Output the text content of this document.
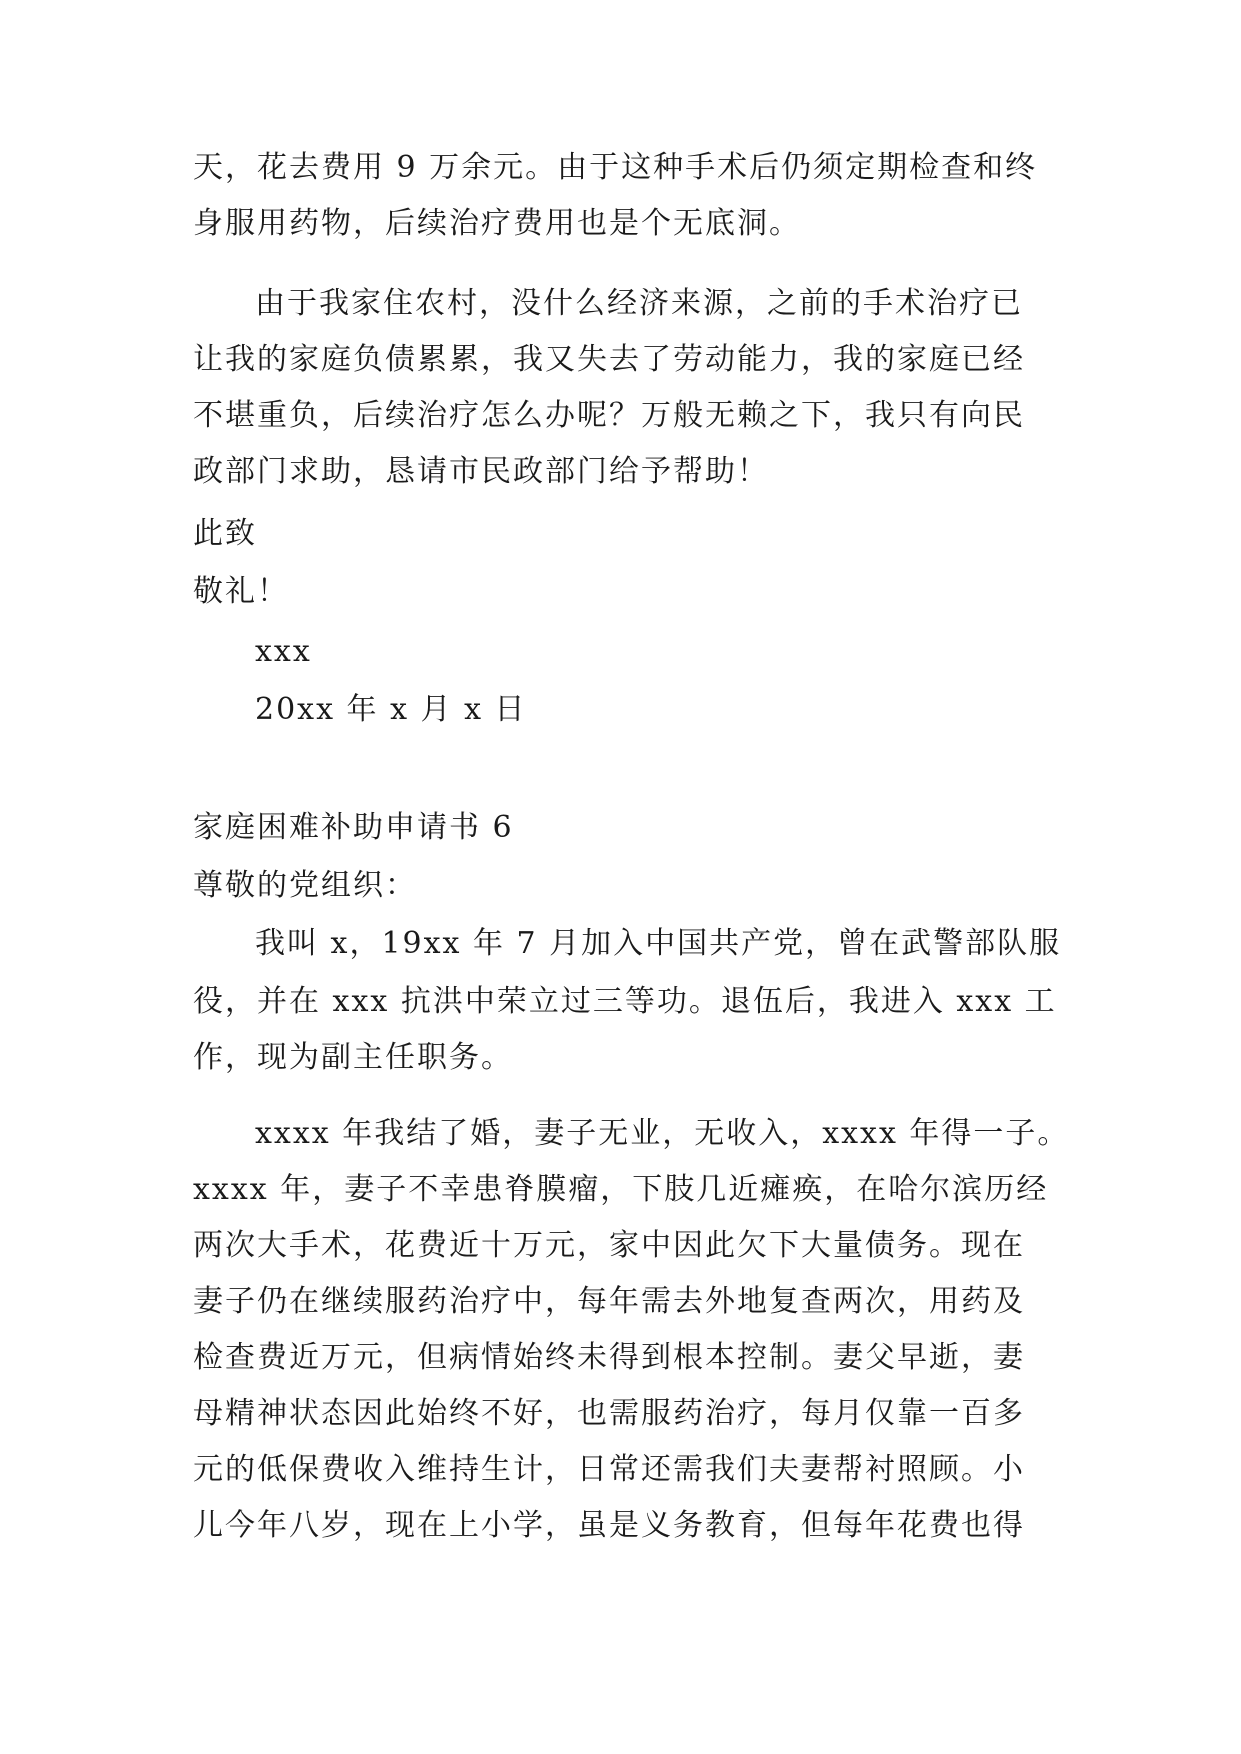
天，花去费用 9 万余元。由于这种手术后仍须定期检查和终
身服用药物，后续治疗费用也是个无底洞。
由于我家住农村，没什么经济来源，之前的手术治疗已
让我的家庭负债累累，我又失去了劳动能力，我的家庭已经
不堪重负，后续治疗怎么办呢？万般无赖之下，我只有向民
政部门求助，恳请市民政部门给予帮助！
此致
敬礼！
xxx
20xx 年 x 月 x 日
家庭困难补助申请书 6
尊敬的党组织：
我叫 x，19xx 年 7 月加入中国共产党，曾在武警部队服
役，并在 xxx 抗洪中荣立过三等功。退伍后，我进入 xxx 工
作，现为副主任职务。
xxxx 年我结了婚，妻子无业，无收入，xxxx 年得一子。
xxxx 年，妻子不幸患脊膜瘤，下肢几近瘫痪，在哈尔滨历经
两次大手术，花费近十万元，家中因此欠下大量债务。现在
妻子仍在继续服药治疗中，每年需去外地复查两次，用药及
检查费近万元，但病情始终未得到根本控制。妻父早逝，妻
母精神状态因此始终不好，也需服药治疗，每月仅靠一百多
元的低保费收入维持生计，日常还需我们夫妻帮衬照顾。小
儿今年八岁，现在上小学，虽是义务教育，但每年花费也得
